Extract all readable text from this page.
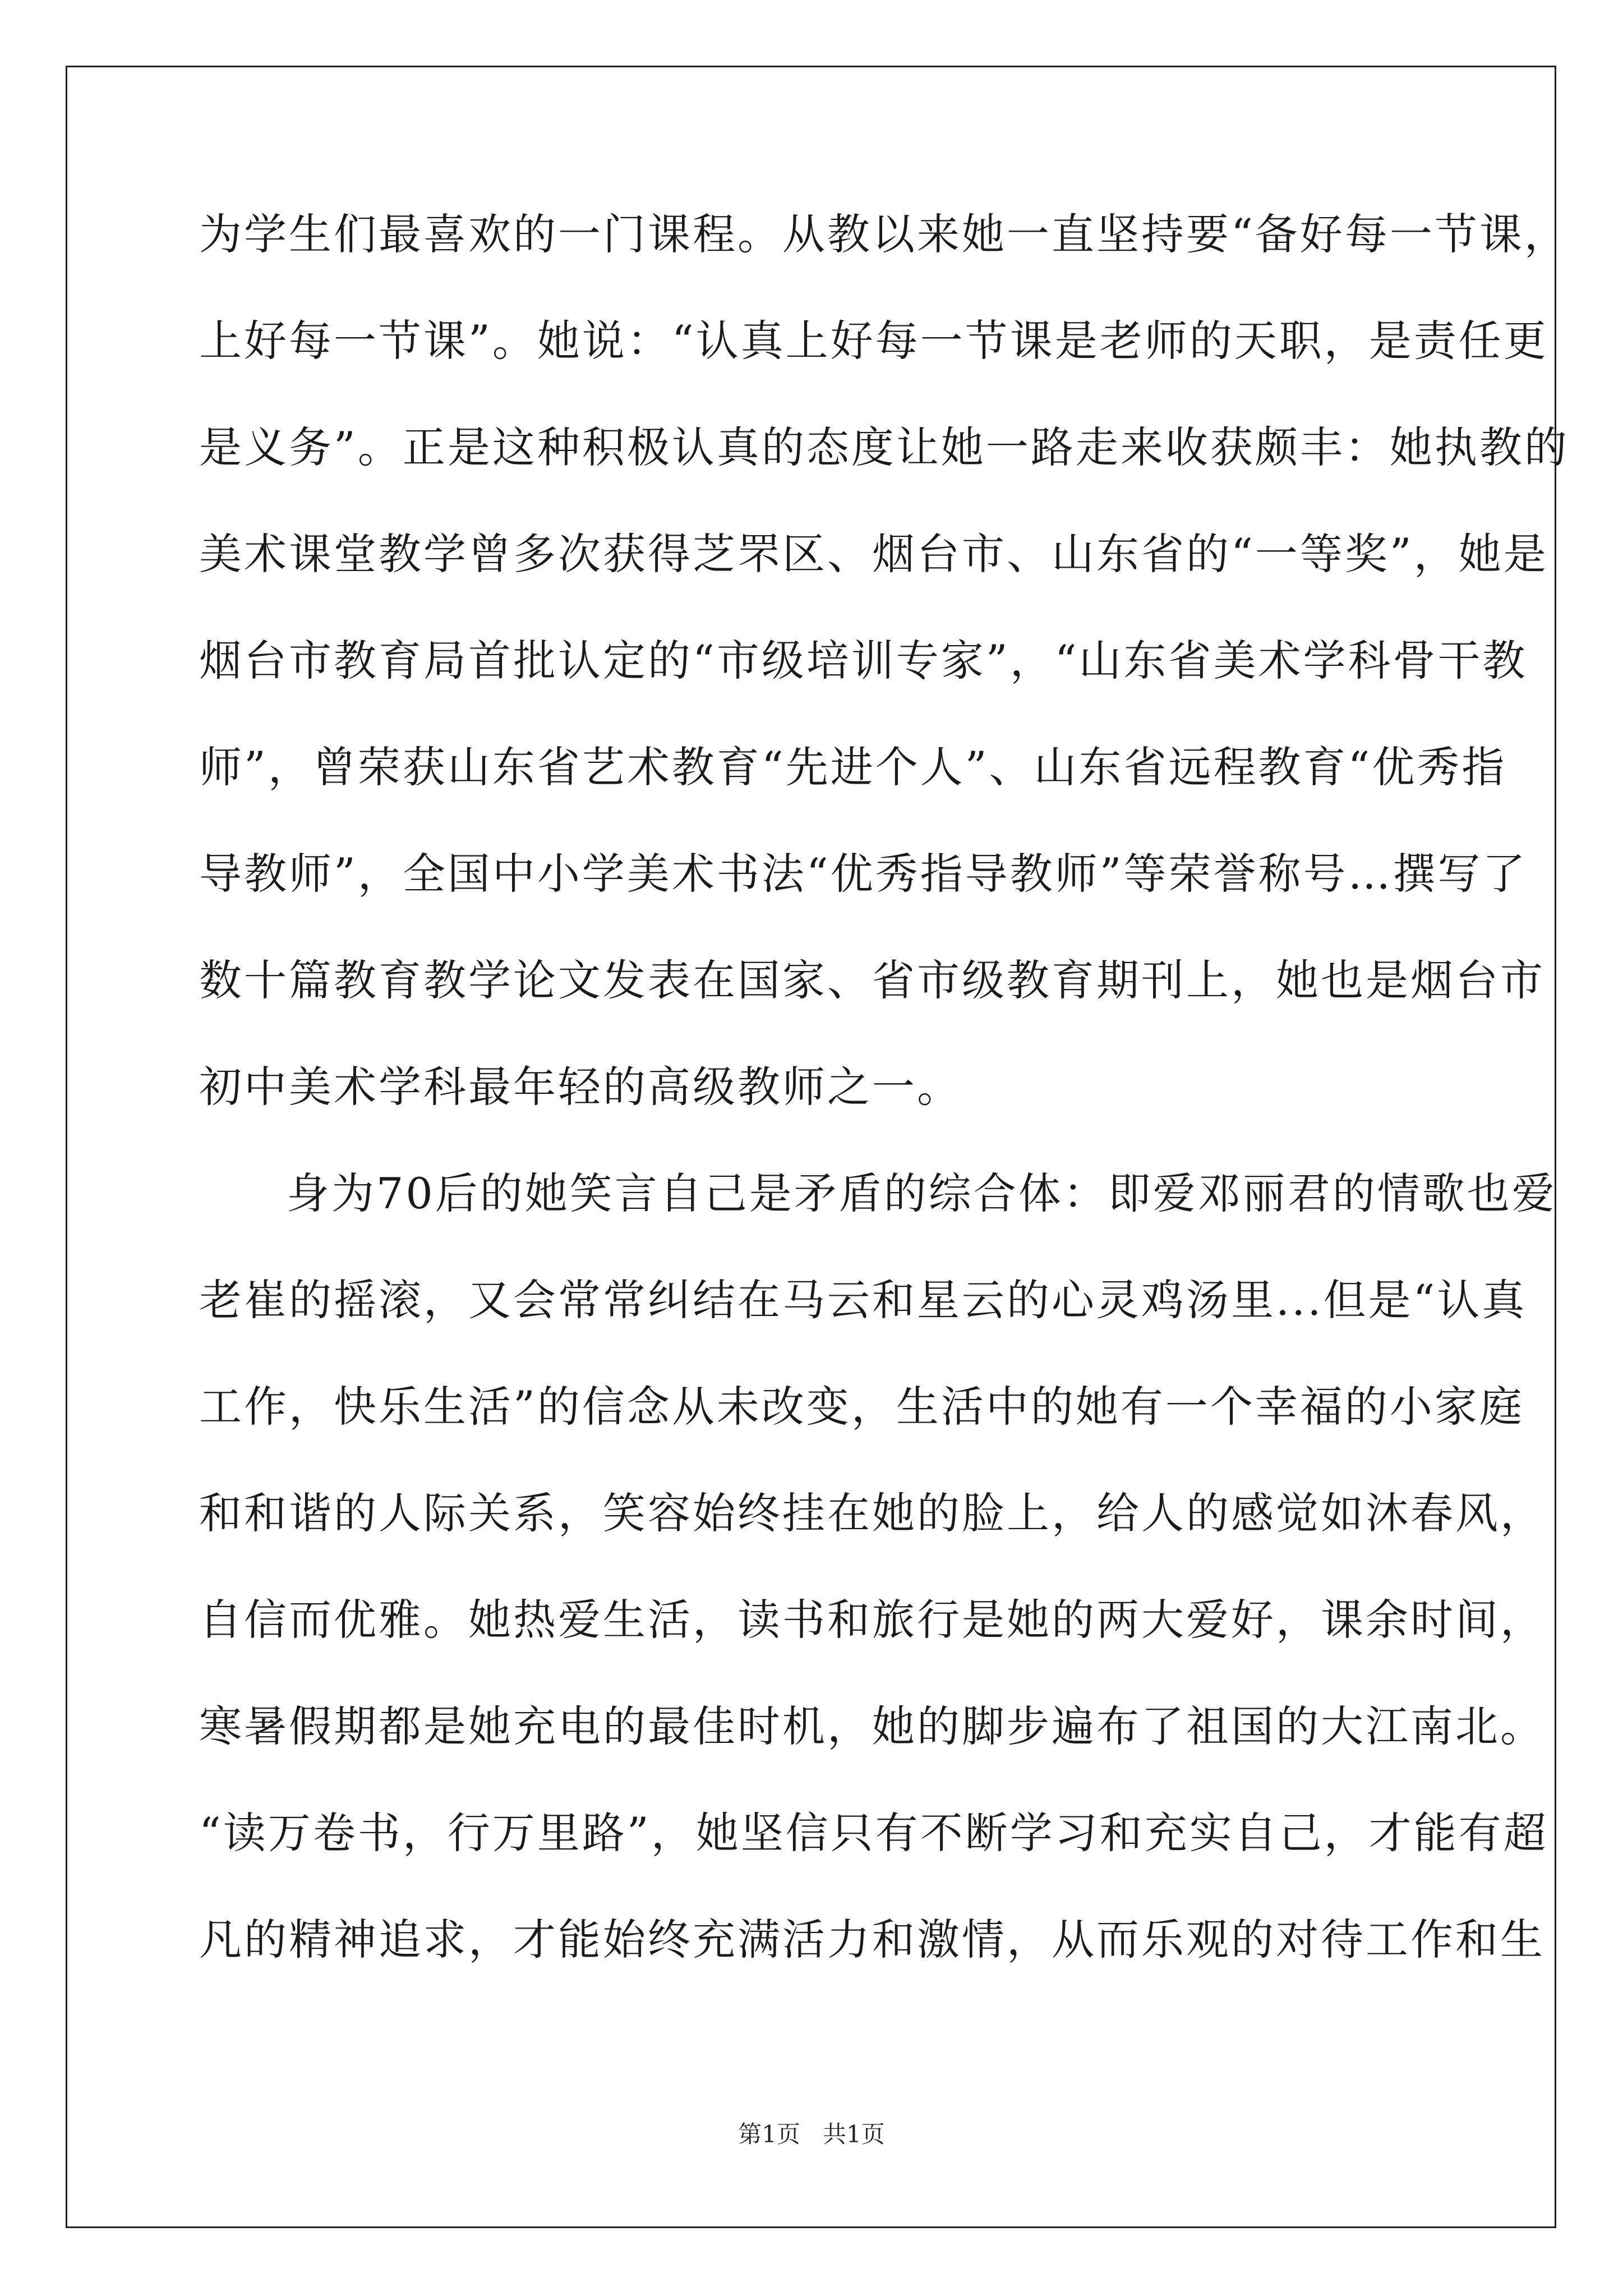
为学生们最喜欢的一门课程。从教以来她一直坚持要“备好每一节课，
上好每一节课”。她说：“认真上好每一节课是老师的天职，是责任更
是义务”。正是这种积极认真的态度让她一路走来收获颇丰：她执教的
美术课堂教学曾多次获得芝罘区、烟台市、山东省的“一等奖”，她是
烟台市教育局首批认定的“市级培训专家”，“山东省美术学科骨干教
师”，曾荣获山东省艺术教育“先进个人”、山东省远程教育“优秀指
导教师”，全国中小学美术书法“优秀指导教师”等荣誉称号…撰写了
数十篇教育教学论文发表在国家、省市级教育期刊上，她也是烟台市
初中美术学科最年轻的高级教师之一。
身为70后的她笑言自己是矛盾的综合体：即爱邓丽君的情歌也爱
老崔的摇滚，又会常常纠结在马云和星云的心灵鸡汤里...但是“认真
工作，快乐生活”的信念从未改变，生活中的她有一个幸福的小家庭
和和谐的人际关系，笑容始终挂在她的脸上，给人的感觉如沐春风，
自信而优雅。她热爱生活，读书和旅行是她的两大爱好，课余时间，
寒暑假期都是她充电的最佳时机，她的脚步遍布了祖国的大江南北。
“读万卷书，行万里路”，她坚信只有不断学习和充实自己，才能有超
凡的精神追求，才能始终充满活力和激情，从而乐观的对待工作和生
第1页   共1页
